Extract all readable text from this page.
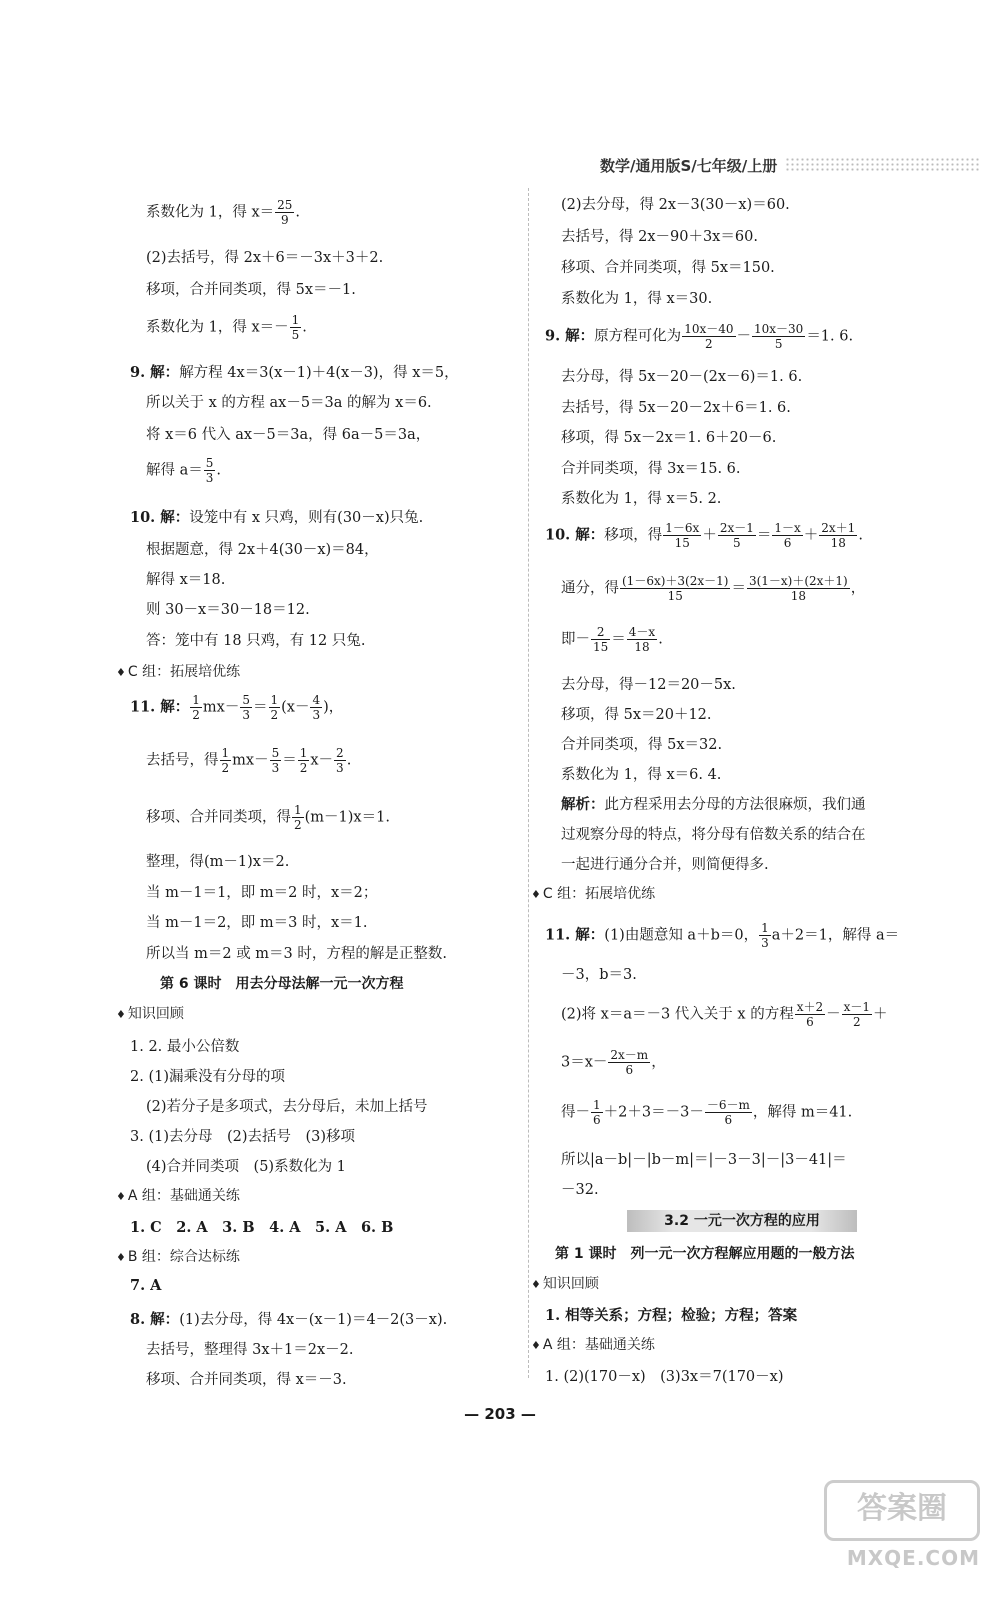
数学/通用版S/七年级/上册
系数化为 1，得 $x= \frac{25}{9}$ .
(2)去括号，得 2x＋6＝－3x＋3＋2.
移项，合并同类项，得 5x＝－1.
系数化为 1，得 $x=- \frac{1}{5}$ .
9. 解：解方程 4x＝3(x－1)＋4(x－3)，得 x＝5，
所以关于 x 的方程 ax－5＝3a 的解为 x＝6.
将 x＝6 代入 ax－5＝3a，得 6a－5＝3a，
解得 $a= \frac{5}{3}$ .
10. 解：设笼中有 x 只鸡，则有(30－x)只兔.
根据题意，得 2x＋4(30－x)＝84，
解得 x＝18.
则 30－x＝30－18＝12.
答：笼中有 18 只鸡，有 12 只兔.
♦ C 组：拓展培优练
11. 解： $\frac{1}{2} mx- \frac{5}{3} = \frac{1}{2} (x- \frac{4}{3}$ )，
去括号，得 $\frac{1}{2} mx- \frac{5}{3} = \frac{1}{2} x- \frac{2}{3}$ .
移项、合并同类项，得 $\frac{1}{2} (m-1)x=1$.
整理，得(m－1)x＝2.
当 m－1＝1，即 m＝2 时，x＝2；
当 m－1＝2，即 m＝3 时，x＝1.
所以当 m＝2 或 m＝3 时，方程的解是正整数.
第 6 课时　用去分母法解一元一次方程
♦ 知识回顾
1. 2. 最小公倍数
2. (1)漏乘没有分母的项
(2)若分子是多项式，去分母后，未加上括号
3. (1)去分母　(2)去括号　(3)移项
(4)合并同类项　(5)系数化为 1
♦ A 组：基础通关练
1. C　2. A　3. B　4. A　5. A　6. B
♦ B 组：综合达标练
7. A
8. 解：(1)去分母，得 4x－(x－1)＝4－2(3－x).
去括号，整理得 3x＋1＝2x－2.
移项、合并同类项，得 x＝－3.
(2)去分母，得 2x－3(30－x)＝60.
去括号，得 2x－90＋3x＝60.
移项、合并同类项，得 5x＝150.
系数化为 1，得 x＝30.
9. 解：原方程可化为 $\frac{10x-40}{2} - \frac{10x-30}{5} =1$. 6.
去分母，得 5x－20－(2x－6)＝1. 6.
去括号，得 5x－20－2x＋6＝1. 6.
移项，得 5x－2x＝1. 6＋20－6.
合并同类项，得 3x＝15. 6.
系数化为 1，得 x＝5. 2.
10. 解：移项，得 $\frac{1-6x}{15} + \frac{2x-1}{5} = \frac{1-x}{6} + \frac{2x+1}{18}$ .
通分，得 $\frac{(1-6x)+3(2x-1)}{15} = \frac{3(1-x)+(2x+1)}{18}$ ，
即－ $\frac{2}{15} = \frac{4-x}{18}$ .
去分母，得－12＝20－5x.
移项，得 5x＝20＋12.
合并同类项，得 5x＝32.
系数化为 1，得 x＝6. 4.
解析：此方程采用去分母的方法很麻烦，我们通
过观察分母的特点，将分母有倍数关系的结合在
一起进行通分合并，则简便得多.
♦ C 组：拓展培优练
11. 解：(1)由题意知 a＋b＝0， $\frac{1}{3} a+2=1$，解得 a＝
－3，b＝3.
(2)将 x＝a＝－3 代入关于 x 的方程 $\frac{x+2}{6} - \frac{x-1}{2}$ ＋
$3=x- \frac{2x-m}{6}$ ，
得－ $\frac{1}{6} +2+3=-3- \frac{-6-m}{6}$ ，解得 m＝41.
所以|a－b|－|b－m|＝|－3－3|－|3－41|＝
－32.
3.2 一元一次方程的应用
第 1 课时　列一元一次方程解应用题的一般方法
♦ 知识回顾
1. 相等关系；方程；检验；方程；答案
♦ A 组：基础通关练
1. (2)(170－x)　(3)3x＝7(170－x)
— 203 —
答案圈
MXQE.COM
